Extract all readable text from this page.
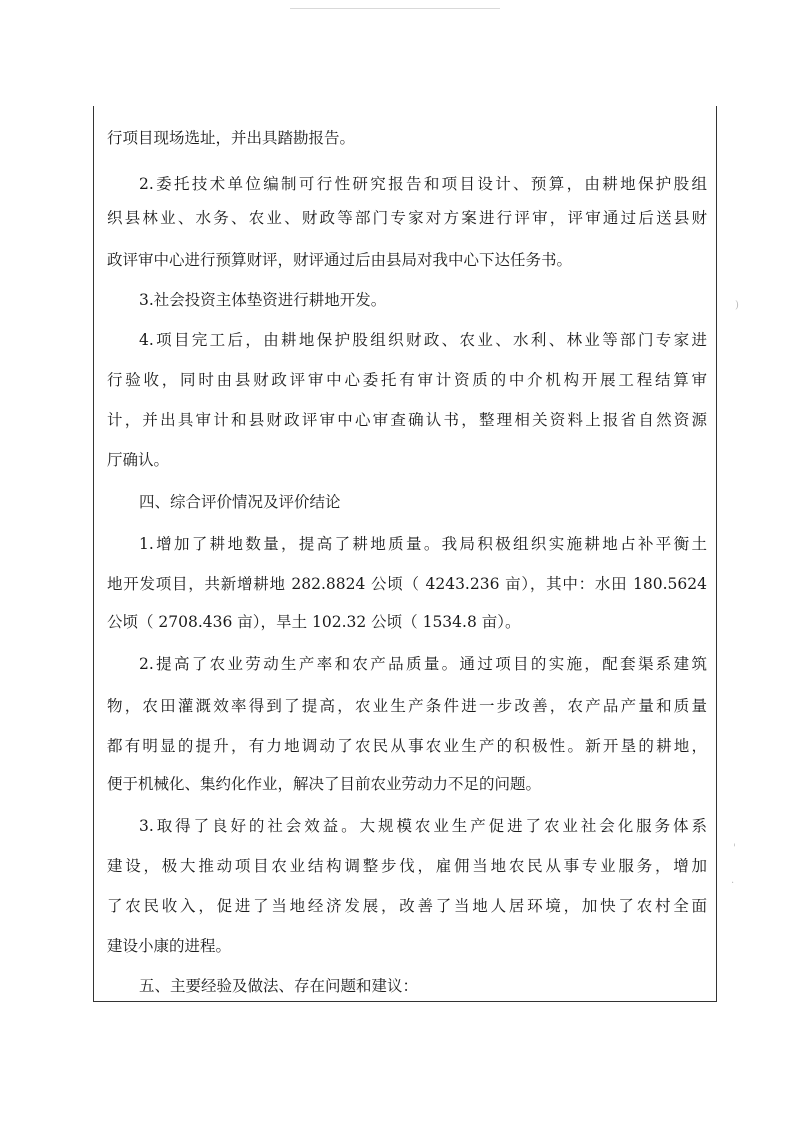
行项目现场选址，并出具踏勘报告。
2.委托技术单位编制可行性研究报告和项目设计、预算，由耕地保护股组
织县林业、水务、农业、财政等部门专家对方案进行评审，评审通过后送县财
政评审中心进行预算财评，财评通过后由县局对我中心下达任务书。
3.社会投资主体垫资进行耕地开发。
4.项目完工后，由耕地保护股组织财政、农业、水利、林业等部门专家进
行验收，同时由县财政评审中心委托有审计资质的中介机构开展工程结算审
计，并出具审计和县财政评审中心审查确认书，整理相关资料上报省自然资源
厅确认。
四、综合评价情况及评价结论
1.增加了耕地数量，提高了耕地质量。我局积极组织实施耕地占补平衡土
地开发项目，共新增耕地 282.8824 公顷（ 4243.236 亩），其中：水田 180.5624
公顷（ 2708.436 亩），旱土 102.32 公顷（ 1534.8 亩）。
2.提高了农业劳动生产率和农产品质量。通过项目的实施，配套渠系建筑
物，农田灌溉效率得到了提高，农业生产条件进一步改善，农产品产量和质量
都有明显的提升，有力地调动了农民从事农业生产的积极性。新开垦的耕地，
便于机械化、集约化作业，解决了目前农业劳动力不足的问题。
3.取得了良好的社会效益。大规模农业生产促进了农业社会化服务体系
建设，极大推动项目农业结构调整步伐，雇佣当地农民从事专业服务，增加
了农民收入，促进了当地经济发展，改善了当地人居环境，加快了农村全面
建设小康的进程。
五、主要经验及做法、存在问题和建议：
)
'
·
